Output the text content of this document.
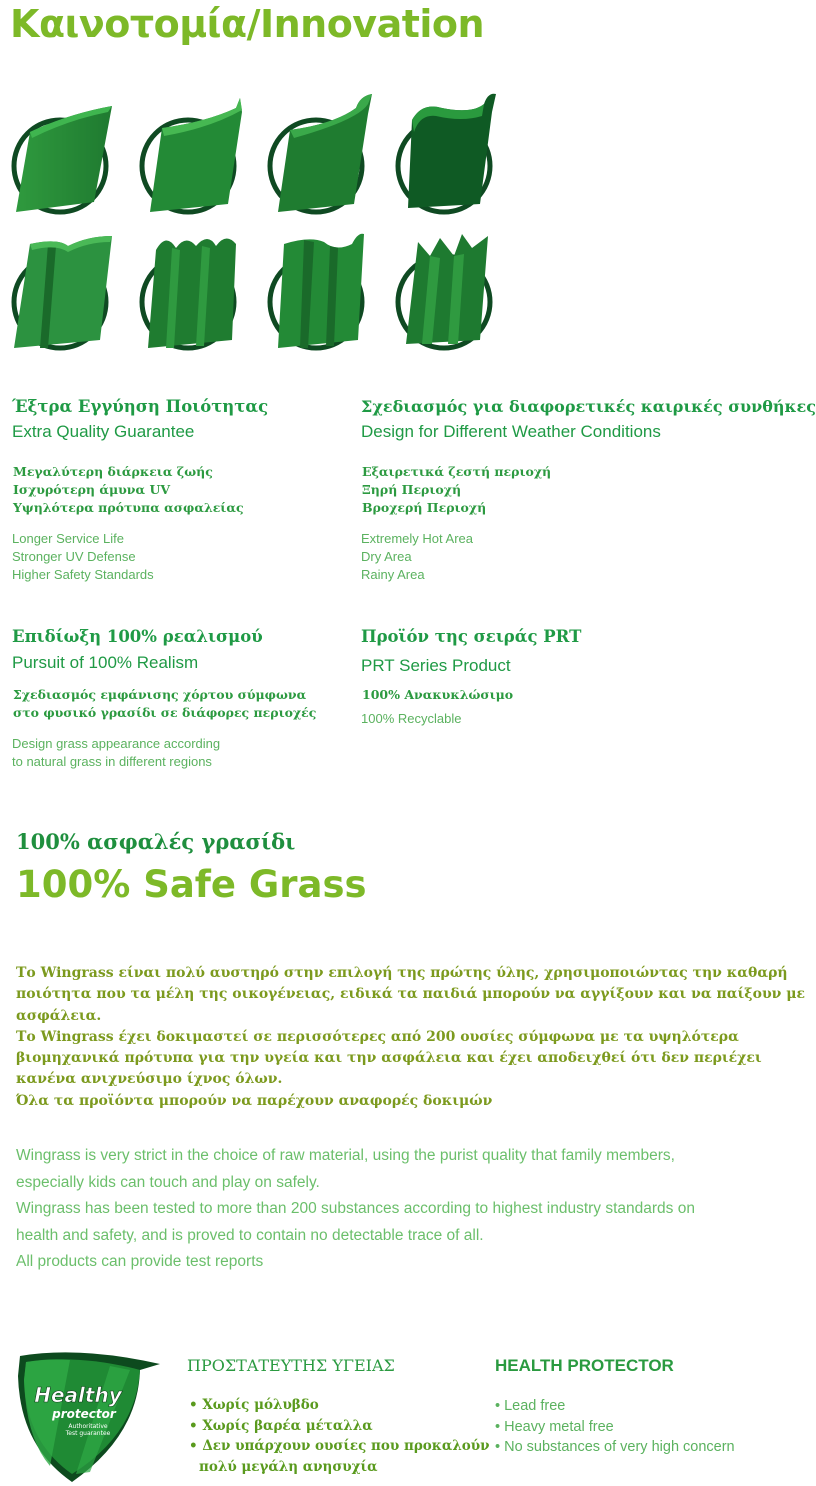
Καινοτομία/Innovation
Έξτρα Εγγύηση Ποιότητας
Extra Quality Guarantee
Μεγαλύτερη διάρκεια ζωής
Ισχυρότερη άμυνα UV
Υψηλότερα πρότυπα ασφαλείας
Longer Service Life
Stronger UV Defense
Higher Safety Standards
Σχεδιασμός για διαφορετικές καιρικές συνθήκες
Design for Different Weather Conditions
Εξαιρετικά ζεστή περιοχή
Ξηρή Περιοχή
Βροχερή Περιοχή
Extremely Hot Area
Dry Area
Rainy Area
Επιδίωξη 100% ρεαλισμού
Pursuit of 100% Realism
Σχεδιασμός εμφάνισης χόρτου σύμφωνα
στο φυσικό γρασίδι σε διάφορες περιοχές
Design grass appearance according
to natural grass in different regions
Προϊόν της σειράς PRT
PRT Series Product
100% Ανακυκλώσιμο
100% Recyclable
100% ασφαλές γρασίδι
100% Safe Grass

Το Wingrass είναι πολύ αυστηρό στην επιλογή της πρώτης ύλης, χρησιμοποιώντας την καθαρή

ποιότητα που τα μέλη της οικογένειας, ειδικά τα παιδιά μπορούν να αγγίξουν και να παίξουν με

ασφάλεια.

Το Wingrass έχει δοκιμαστεί σε περισσότερες από 200 ουσίες σύμφωνα με τα υψηλότερα

βιομηχανικά πρότυπα για την υγεία και την ασφάλεια και έχει αποδειχθεί ότι δεν περιέχει

κανένα ανιχνεύσιμο ίχνος όλων.

Όλα τα προϊόντα μπορούν να παρέχουν αναφορές δοκιμών

Wingrass is very strict in the choice of raw material, using the purist quality that family members,

especially kids can touch and play on safely.

Wingrass has been tested to more than 200 substances according to highest industry standards on

health and safety, and is proved to contain no detectable trace of all.

All products can provide test reports

Healthy
protector
Authoritative
Test guarantee
ΠΡΟΣΤΑΤΕΥΤΗΣ ΥΓΕΙΑΣ	HEALTH PROTECTOR
• Χωρίς μόλυβδο
• Χωρίς βαρέα μέταλλα
• Δεν υπάρχουν ουσίες που προκαλούν
πολύ μεγάλη ανησυχία
• Lead free
• Heavy metal free
• No substances of very high concern
